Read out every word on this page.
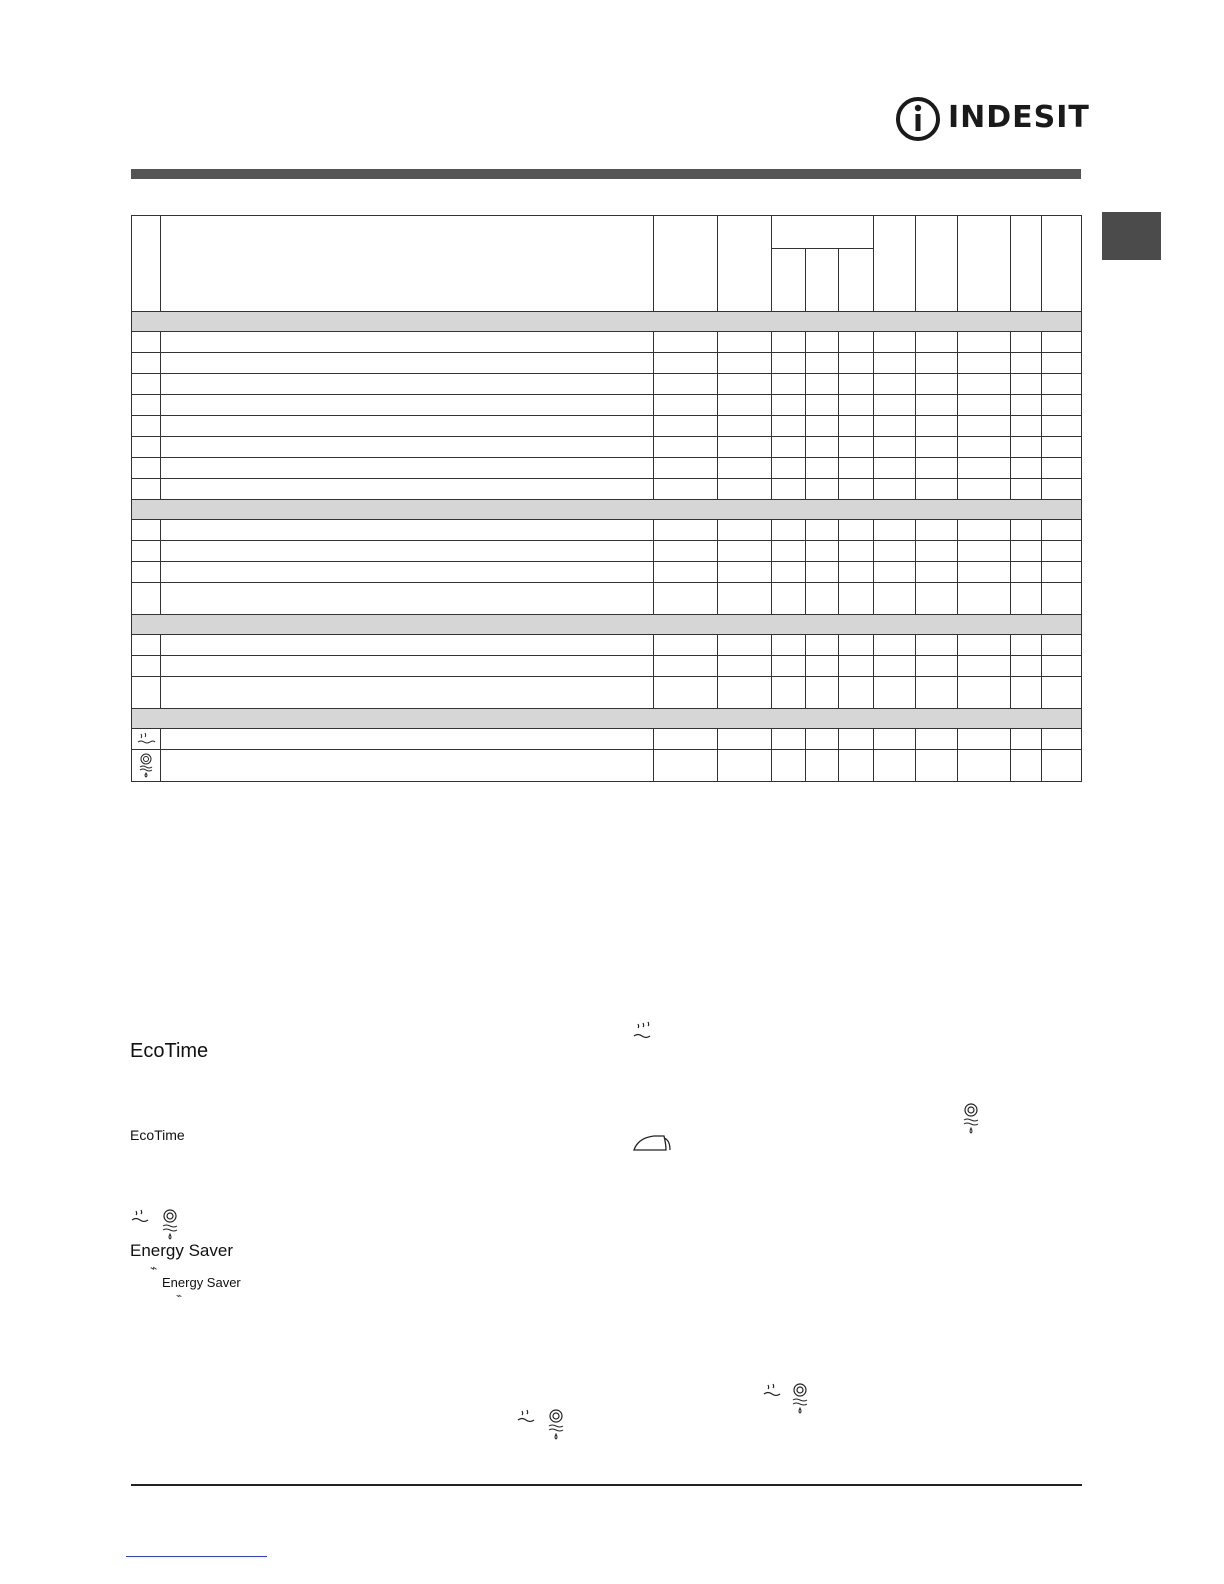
INDESIT

EcoTime
EcoTime
Energy Saver
⌁
Energy Saver
⌁
